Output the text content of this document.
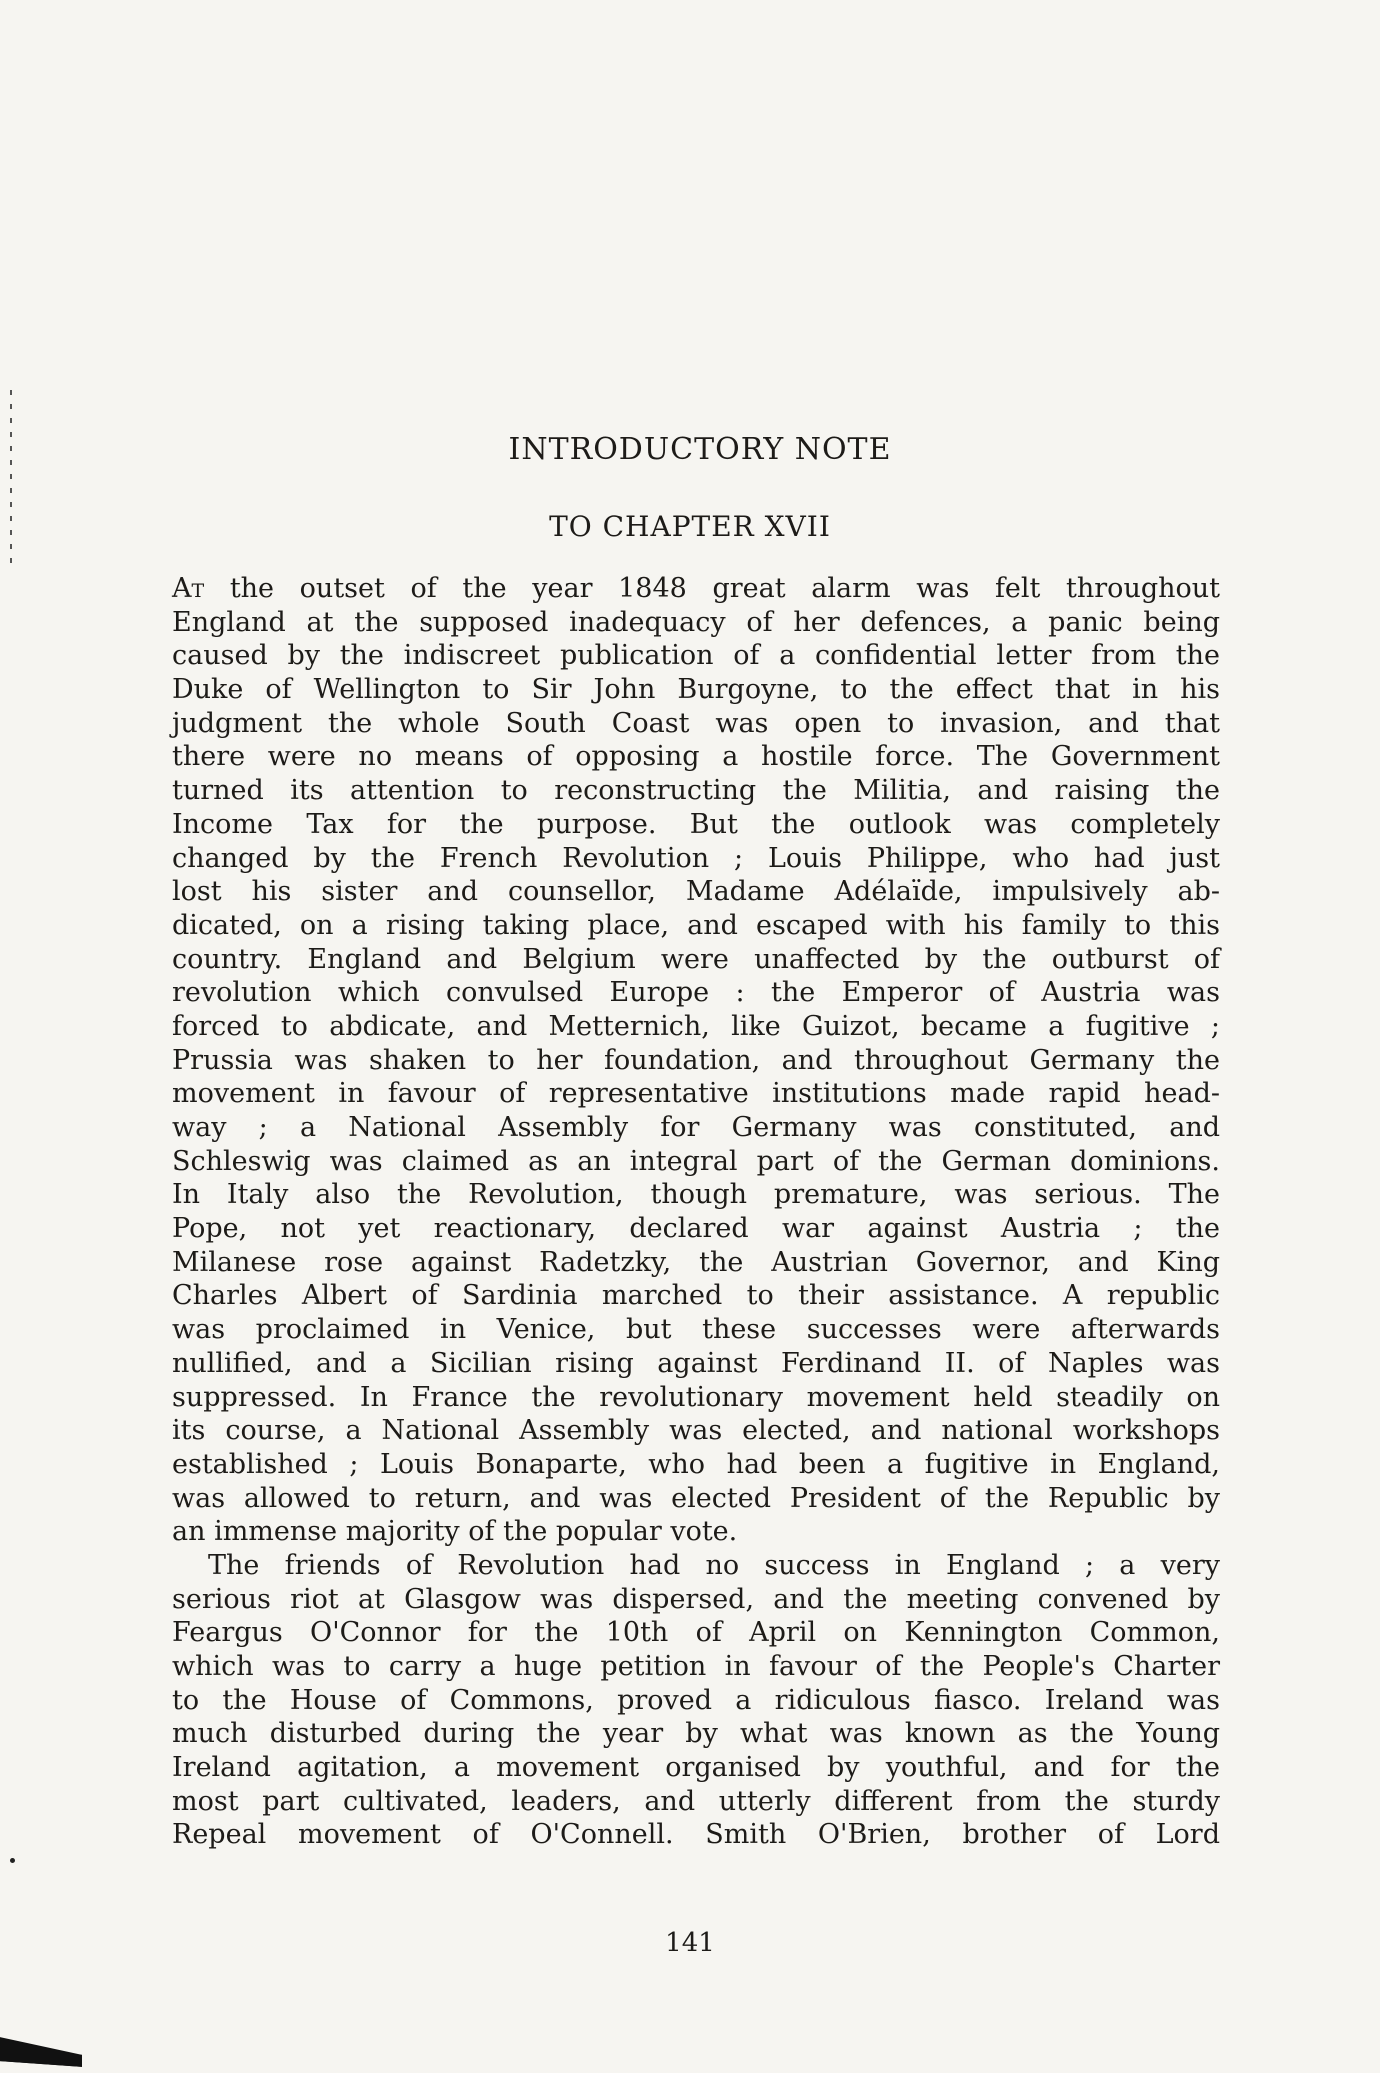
INTRODUCTORY NOTE
TO CHAPTER XVII
At the outset of the year 1848 great alarm was felt throughout
England at the supposed inadequacy of her defences, a panic being
caused by the indiscreet publication of a confidential letter from the
Duke of Wellington to Sir John Burgoyne, to the effect that in his
judgment the whole South Coast was open to invasion, and that
there were no means of opposing a hostile force. The Government
turned its attention to reconstructing the Militia, and raising the
Income Tax for the purpose. But the outlook was completely
changed by the French Revolution ; Louis Philippe, who had just
lost his sister and counsellor, Madame Adélaïde, impulsively ab-
dicated, on a rising taking place, and escaped with his family to this
country. England and Belgium were unaffected by the outburst of
revolution which convulsed Europe : the Emperor of Austria was
forced to abdicate, and Metternich, like Guizot, became a fugitive ;
Prussia was shaken to her foundation, and throughout Germany the
movement in favour of representative institutions made rapid head-
way ; a National Assembly for Germany was constituted, and
Schleswig was claimed as an integral part of the German dominions.
In Italy also the Revolution, though premature, was serious. The
Pope, not yet reactionary, declared war against Austria ; the
Milanese rose against Radetzky, the Austrian Governor, and King
Charles Albert of Sardinia marched to their assistance. A republic
was proclaimed in Venice, but these successes were afterwards
nullified, and a Sicilian rising against Ferdinand II. of Naples was
suppressed. In France the revolutionary movement held steadily on
its course, a National Assembly was elected, and national workshops
established ; Louis Bonaparte, who had been a fugitive in England,
was allowed to return, and was elected President of the Republic by
an immense majority of the popular vote.
The friends of Revolution had no success in England ; a very
serious riot at Glasgow was dispersed, and the meeting convened by
Feargus O'Connor for the 10th of April on Kennington Common,
which was to carry a huge petition in favour of the People's Charter
to the House of Commons, proved a ridiculous fiasco. Ireland was
much disturbed during the year by what was known as the Young
Ireland agitation, a movement organised by youthful, and for the
most part cultivated, leaders, and utterly different from the sturdy
Repeal movement of O'Connell. Smith O'Brien, brother of Lord
141
